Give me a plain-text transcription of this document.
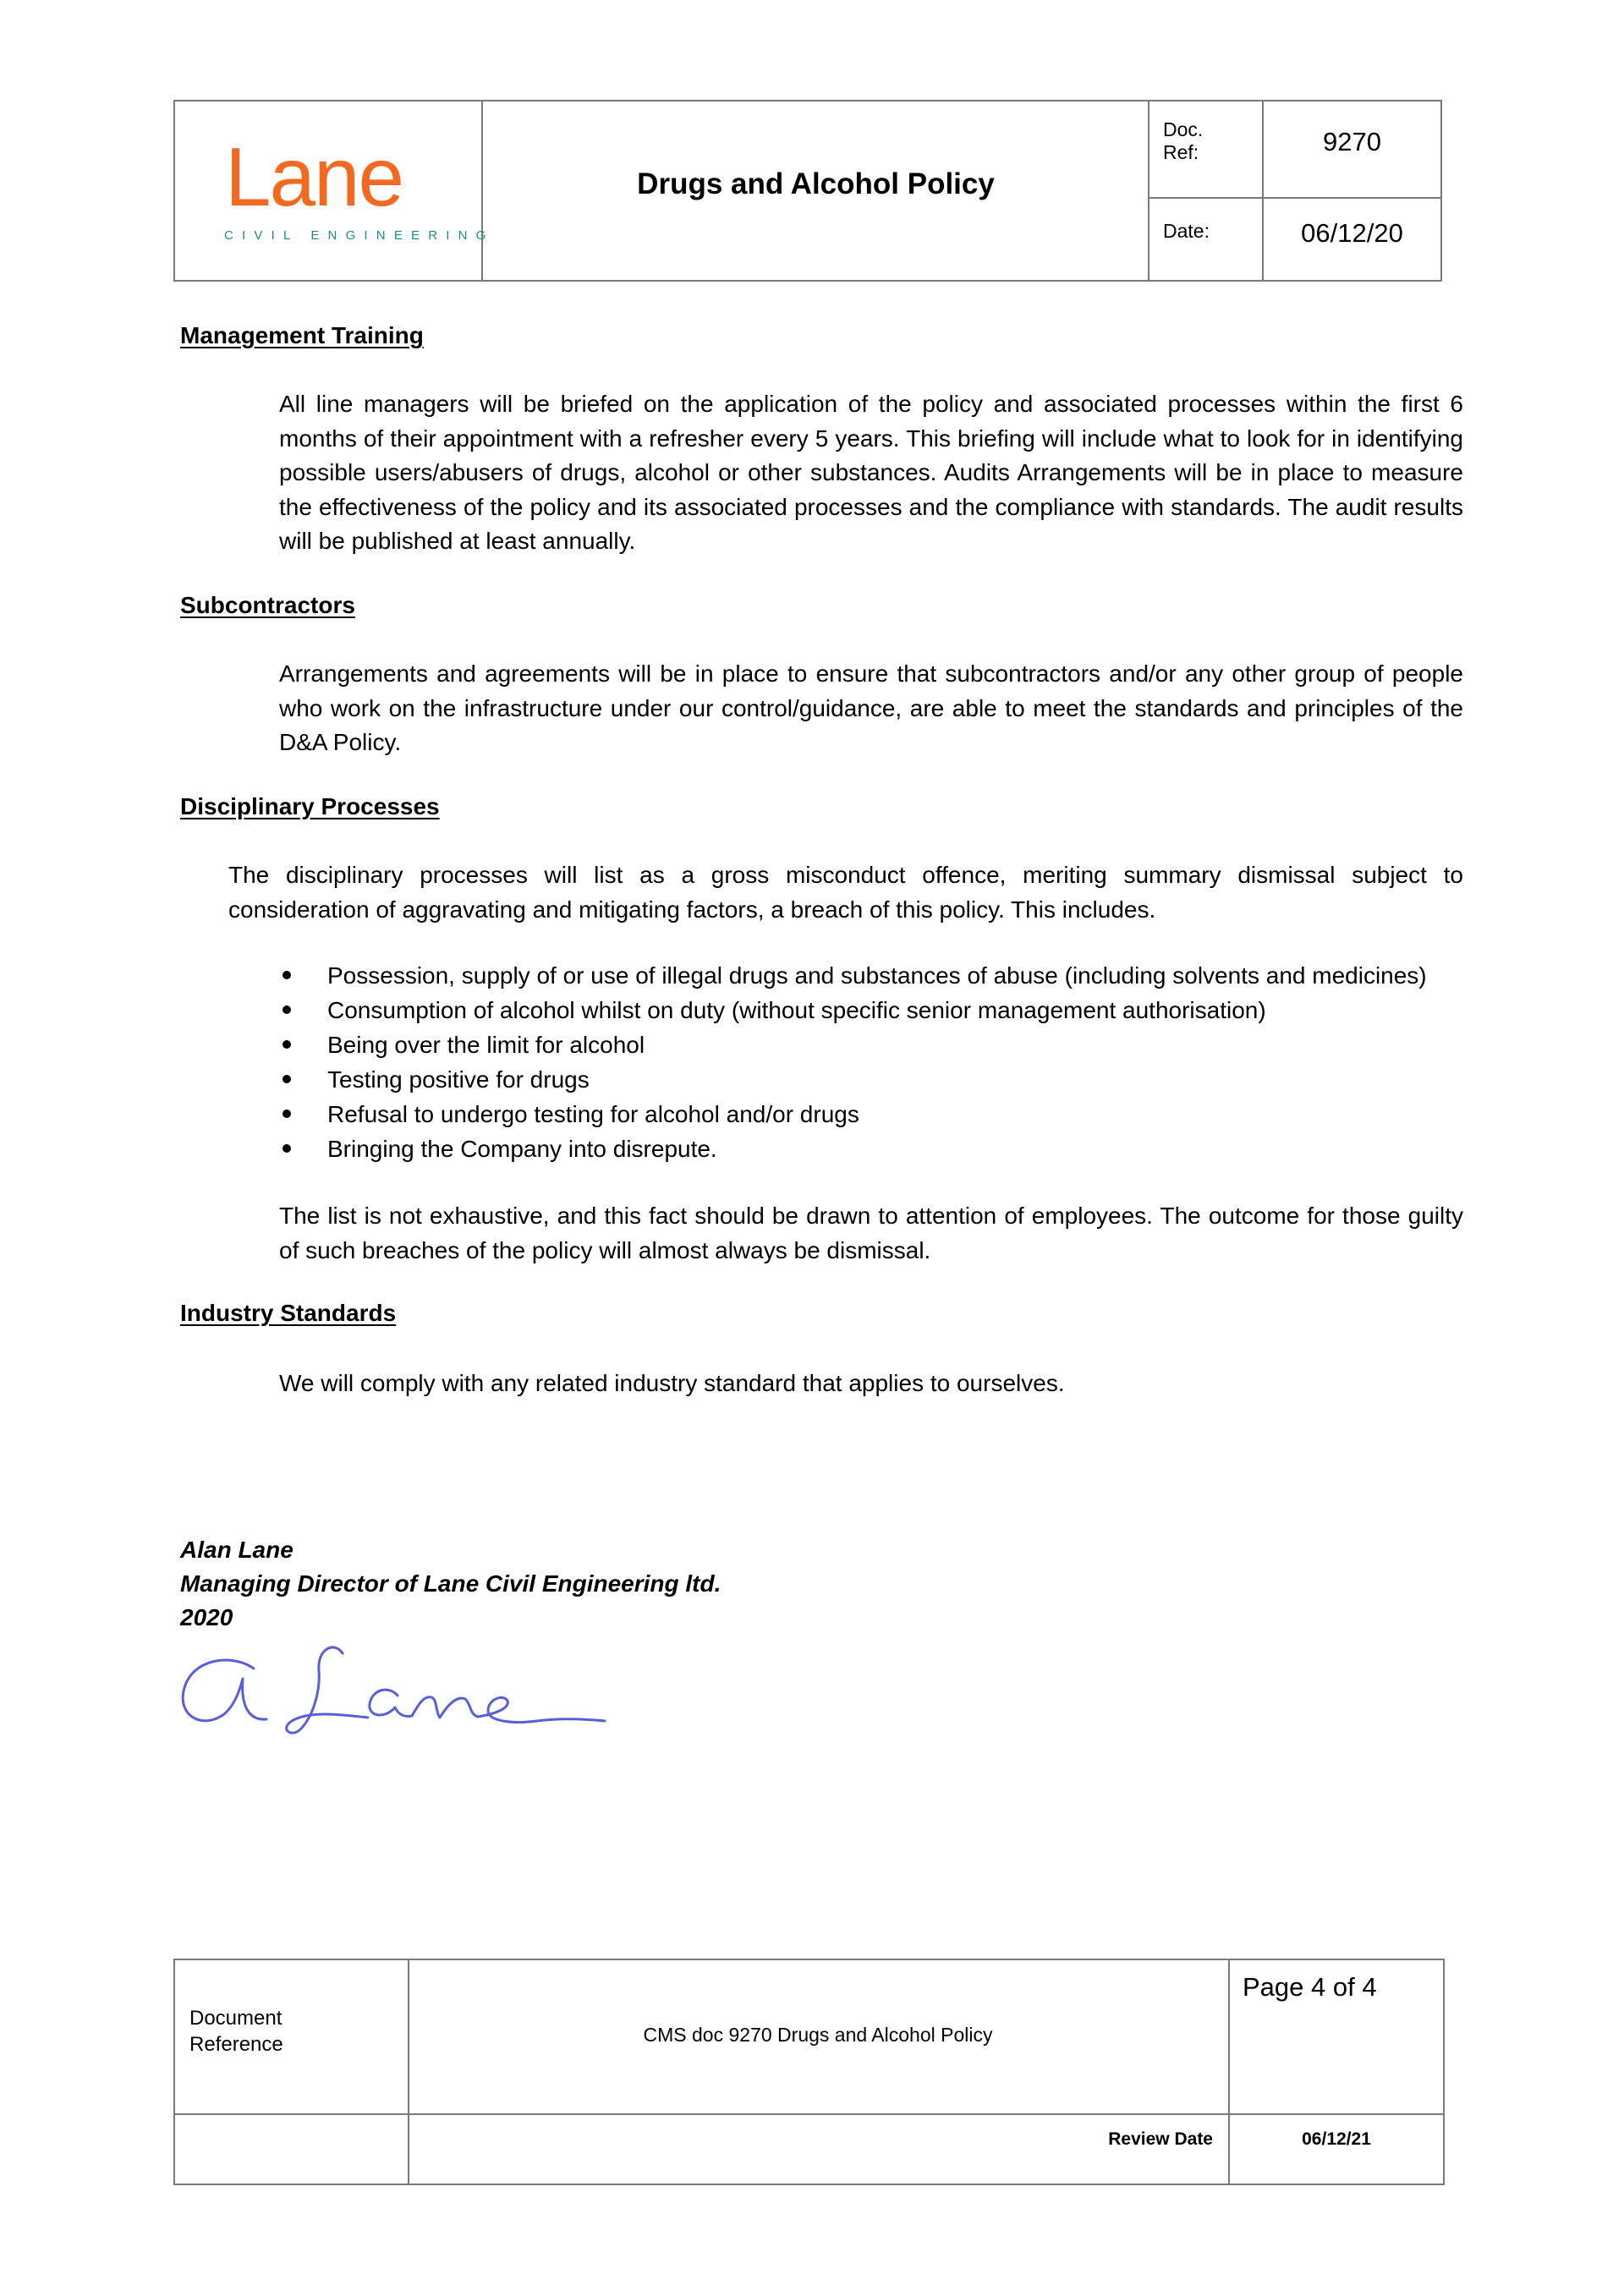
Lane
CIVIL ENGINEERING
Drugs and Alcohol Policy
Doc.
Ref:	9270
Date:	06/12/20
Management Training
All line managers will be briefed on the application of the policy and associated processes within the first 6 months of their appointment with a refresher every 5 years. This briefing will include what to look for in identifying possible users/abusers of drugs, alcohol or other substances. Audits Arrangements will be in place to measure the effectiveness of the policy and its associated processes and the compliance with standards. The audit results will be published at least annually.
Subcontractors
Arrangements and agreements will be in place to ensure that subcontractors and/or any other group of people who work on the infrastructure under our control/guidance, are able to meet the standards and principles of the D&A Policy.
Disciplinary Processes
The disciplinary processes will list as a gross misconduct offence, meriting summary dismissal subject to consideration of aggravating and mitigating factors, a breach of this policy. This includes.
Possession, supply of or use of illegal drugs and substances of abuse (including solvents and medicines)
Consumption of alcohol whilst on duty (without specific senior management authorisation)
Being over the limit for alcohol
Testing positive for drugs
Refusal to undergo testing for alcohol and/or drugs
Bringing the Company into disrepute.
The list is not exhaustive, and this fact should be drawn to attention of employees. The outcome for those guilty of such breaches of the policy will almost always be dismissal.
Industry Standards
We will comply with any related industry standard that applies to ourselves.
Alan Lane
Managing Director of Lane Civil Engineering ltd.
2020
Document
Reference	CMS doc 9270 Drugs and Alcohol Policy
Page 4 of 4
Review Date	06/12/21
